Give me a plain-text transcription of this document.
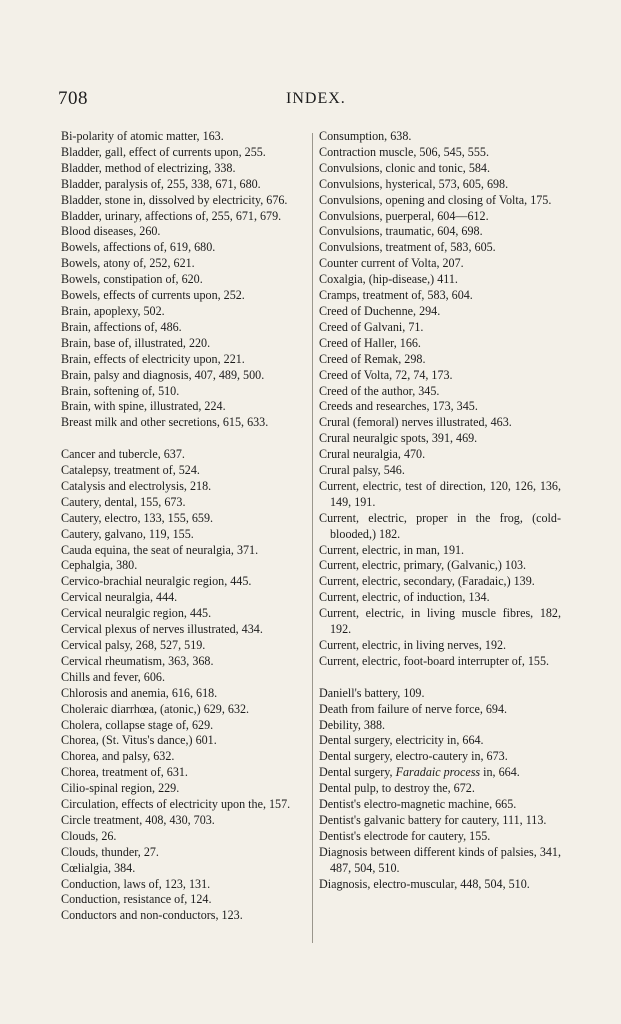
708	INDEX.

Bi-polarity of atomic matter, 163.

Bladder, gall, effect of currents upon, 255.

Bladder, method of electrizing, 338.

Bladder, paralysis of, 255, 338, 671, 680.

Bladder, stone in, dissolved by electricity, 676.

Bladder, urinary, affections of, 255, 671, 679.

Blood diseases, 260.

Bowels, affections of, 619, 680.

Bowels, atony of, 252, 621.

Bowels, constipation of, 620.

Bowels, effects of currents upon, 252.

Brain, apoplexy, 502.

Brain, affections of, 486.

Brain, base of, illustrated, 220.

Brain, effects of electricity upon, 221.

Brain, palsy and diagnosis, 407, 489, 500.

Brain, softening of, 510.

Brain, with spine, illustrated, 224.

Breast milk and other secretions, 615, 633.

Cancer and tubercle, 637.

Catalepsy, treatment of, 524.

Catalysis and electrolysis, 218.

Cautery, dental, 155, 673.

Cautery, electro, 133, 155, 659.

Cautery, galvano, 119, 155.

Cauda equina, the seat of neuralgia, 371.

Cephalgia, 380.

Cervico-brachial neuralgic region, 445.

Cervical neuralgia, 444.

Cervical neuralgic region, 445.

Cervical plexus of nerves illustrated, 434.

Cervical palsy, 268, 527, 519.

Cervical rheumatism, 363, 368.

Chills and fever, 606.

Chlorosis and anemia, 616, 618.

Choleraic diarrhœa, (atonic,) 629, 632.

Cholera, collapse stage of, 629.

Chorea, (St. Vitus's dance,) 601.

Chorea, and palsy, 632.

Chorea, treatment of, 631.

Cilio-spinal region, 229.

Circulation, effects of electricity upon the, 157.

Circle treatment, 408, 430, 703.

Clouds, 26.

Clouds, thunder, 27.

Cœlialgia, 384.

Conduction, laws of, 123, 131.

Conduction, resistance of, 124.

Conductors and non-conductors, 123.

Consumption, 638.

Contraction muscle, 506, 545, 555.

Convulsions, clonic and tonic, 584.

Convulsions, hysterical, 573, 605, 698.

Convulsions, opening and closing of Volta, 175.

Convulsions, puerperal, 604—612.

Convulsions, traumatic, 604, 698.

Convulsions, treatment of, 583, 605.

Counter current of Volta, 207.

Coxalgia, (hip-disease,) 411.

Cramps, treatment of, 583, 604.

Creed of Duchenne, 294.

Creed of Galvani, 71.

Creed of Haller, 166.

Creed of Remak, 298.

Creed of Volta, 72, 74, 173.

Creed of the author, 345.

Creeds and researches, 173, 345.

Crural (femoral) nerves illustrated, 463.

Crural neuralgic spots, 391, 469.

Crural neuralgia, 470.

Crural palsy, 546.

Current, electric, test of direction, 120, 126, 136, 149, 191.

Current, electric, proper in the frog, (cold-blooded,) 182.

Current, electric, in man, 191.

Current, electric, primary, (Galvanic,) 103.

Current, electric, secondary, (Faradaic,) 139.

Current, electric, of induction, 134.

Current, electric, in living muscle fibres, 182, 192.

Current, electric, in living nerves, 192.

Current, electric, foot-board interrupter of, 155.

Daniell's battery, 109.

Death from failure of nerve force, 694.

Debility, 388.

Dental surgery, electricity in, 664.

Dental surgery, electro-cautery in, 673.

Dental surgery, Faradaic process in, 664.

Dental pulp, to destroy the, 672.

Dentist's electro-magnetic machine, 665.

Dentist's galvanic battery for cautery, 111, 113.

Dentist's electrode for cautery, 155.

Diagnosis between different kinds of palsies, 341, 487, 504, 510.

Diagnosis, electro-muscular, 448, 504, 510.
